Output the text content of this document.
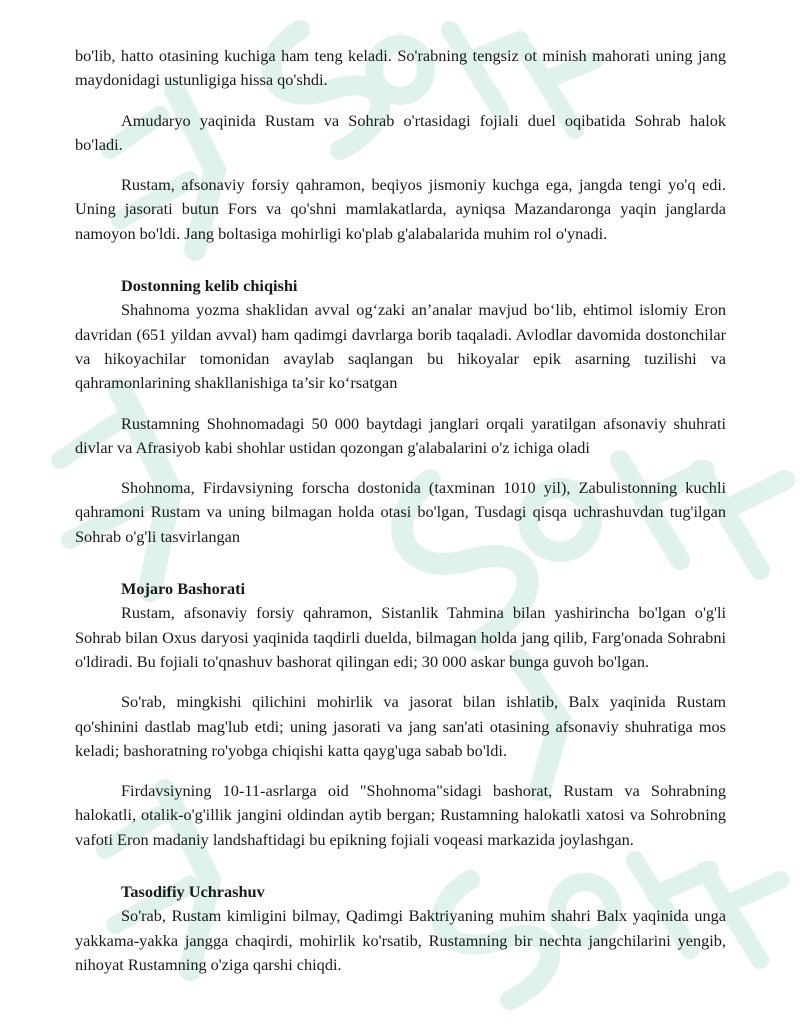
bo'lib, hatto otasining kuchiga ham teng keladi. So'rabning tengsiz ot minish mahorati uning jang maydonidagi ustunligiga hissa qo'shdi.

Amudaryo yaqinida Rustam va Sohrab o'rtasidagi fojiali duel oqibatida Sohrab halok bo'ladi.

Rustam, afsonaviy forsiy qahramon, beqiyos jismoniy kuchga ega, jangda tengi yo'q edi. Uning jasorati butun Fors va qo'shni mamlakatlarda, ayniqsa Mazandaronga yaqin janglarda namoyon bo'ldi. Jang boltasiga mohirligi ko'plab g'alabalarida muhim rol o'ynadi.

Dostonning kelib chiqishi

Shahnoma yozma shaklidan avval og‘zaki an’analar mavjud bo‘lib, ehtimol islomiy Eron davridan (651 yildan avval) ham qadimgi davrlarga borib taqaladi. Avlodlar davomida dostonchilar va hikoyachilar tomonidan avaylab saqlangan bu hikoyalar epik asarning tuzilishi va qahramonlarining shakllanishiga ta’sir ko‘rsatgan

Rustamning Shohnomadagi 50 000 baytdagi janglari orqali yaratilgan afsonaviy shuhrati divlar va Afrasiyob kabi shohlar ustidan qozongan g'alabalarini o'z ichiga oladi

Shohnoma, Firdavsiyning forscha dostonida (taxminan 1010 yil), Zabulistonning kuchli qahramoni Rustam va uning bilmagan holda otasi bo'lgan, Tusdagi qisqa uchrashuvdan tug'ilgan Sohrab o'g'li tasvirlangan

Mojaro Bashorati

Rustam, afsonaviy forsiy qahramon, Sistanlik Tahmina bilan yashirincha bo'lgan o'g'li Sohrab bilan Oxus daryosi yaqinida taqdirli duelda, bilmagan holda jang qilib, Farg'onada Sohrabni o'ldiradi. Bu fojiali to'qnashuv bashorat qilingan edi; 30 000 askar bunga guvoh bo'lgan.

So'rab, mingkishi qilichini mohirlik va jasorat bilan ishlatib, Balx yaqinida Rustam qo'shinini dastlab mag'lub etdi; uning jasorati va jang san'ati otasining afsonaviy shuhratiga mos keladi; bashoratning ro'yobga chiqishi katta qayg'uga sabab bo'ldi.

Firdavsiyning 10-11-asrlarga oid "Shohnoma"sidagi bashorat, Rustam va Sohrabning halokatli, otalik-o'g'illik jangini oldindan aytib bergan; Rustamning halokatli xatosi va Sohrobning vafoti Eron madaniy landshaftidagi bu epikning fojiali voqeasi markazida joylashgan.

Tasodifiy Uchrashuv

So'rab, Rustam kimligini bilmay, Qadimgi Baktriyaning muhim shahri Balx yaqinida unga yakkama-yakka jangga chaqirdi, mohirlik ko'rsatib, Rustamning bir nechta jangchilarini yengib, nihoyat Rustamning o'ziga qarshi chiqdi.
